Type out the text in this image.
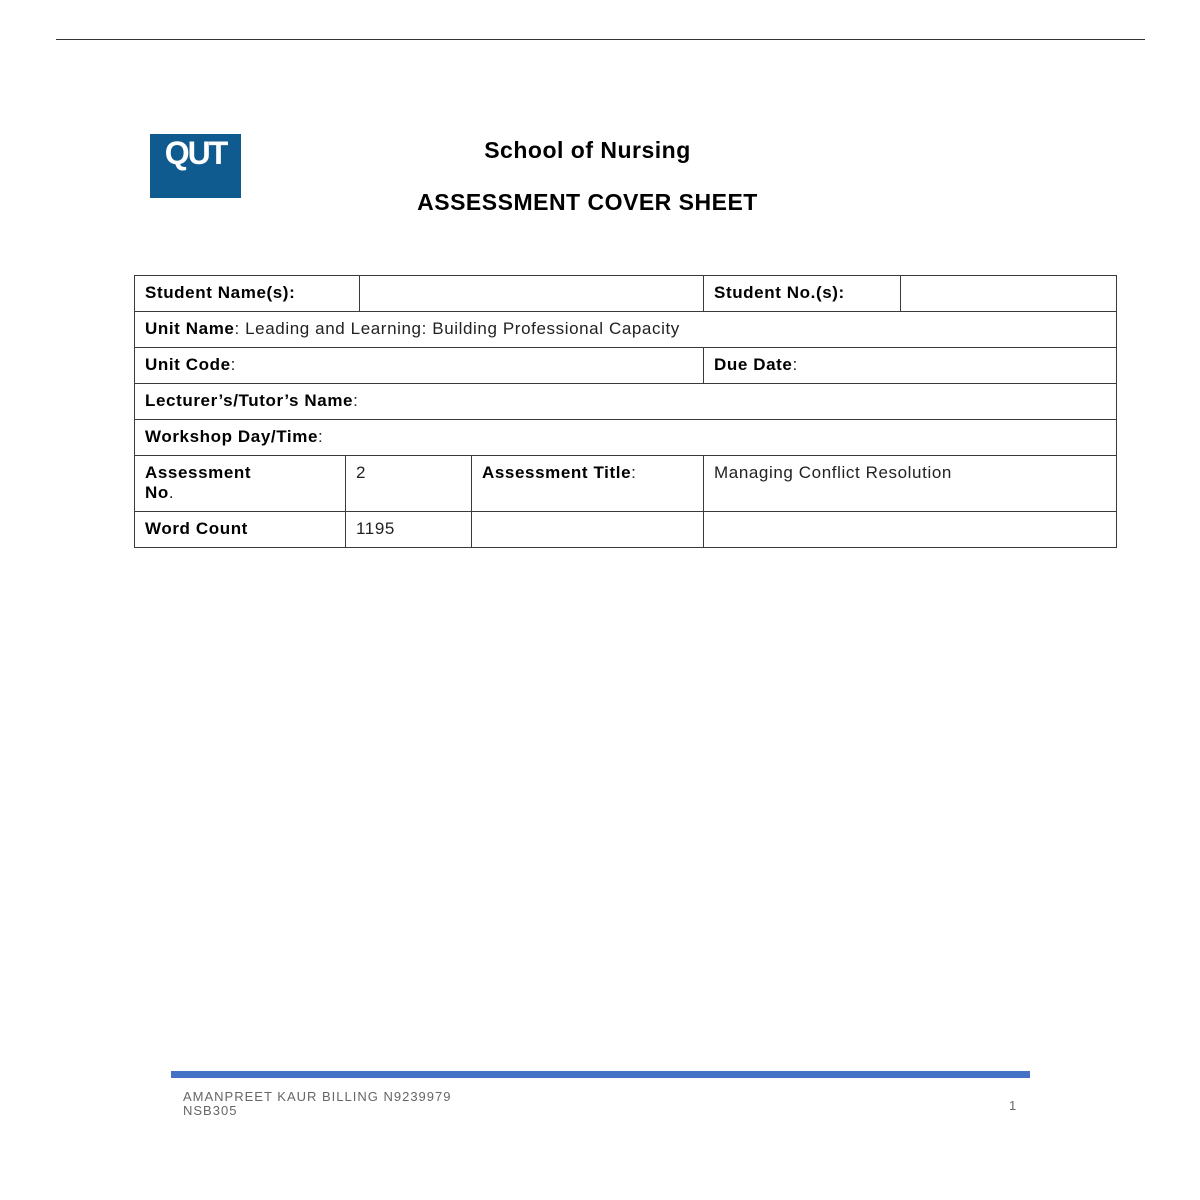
QUT	School of Nursing
ASSESSMENT COVER SHEET
Student Name(s):				Student No.(s):	
Unit Name: Leading and Learning: Building Professional Capacity					
Unit Code:				Due Date:	
Lecturer’s/Tutor’s Name:					
Workshop Day/Time:					
Assessment
No.	2		Assessment Title:	Managing Conflict Resolution	
Word Count	1195				
AMANPREET KAUR BILLING N9239979
NSB305	1
